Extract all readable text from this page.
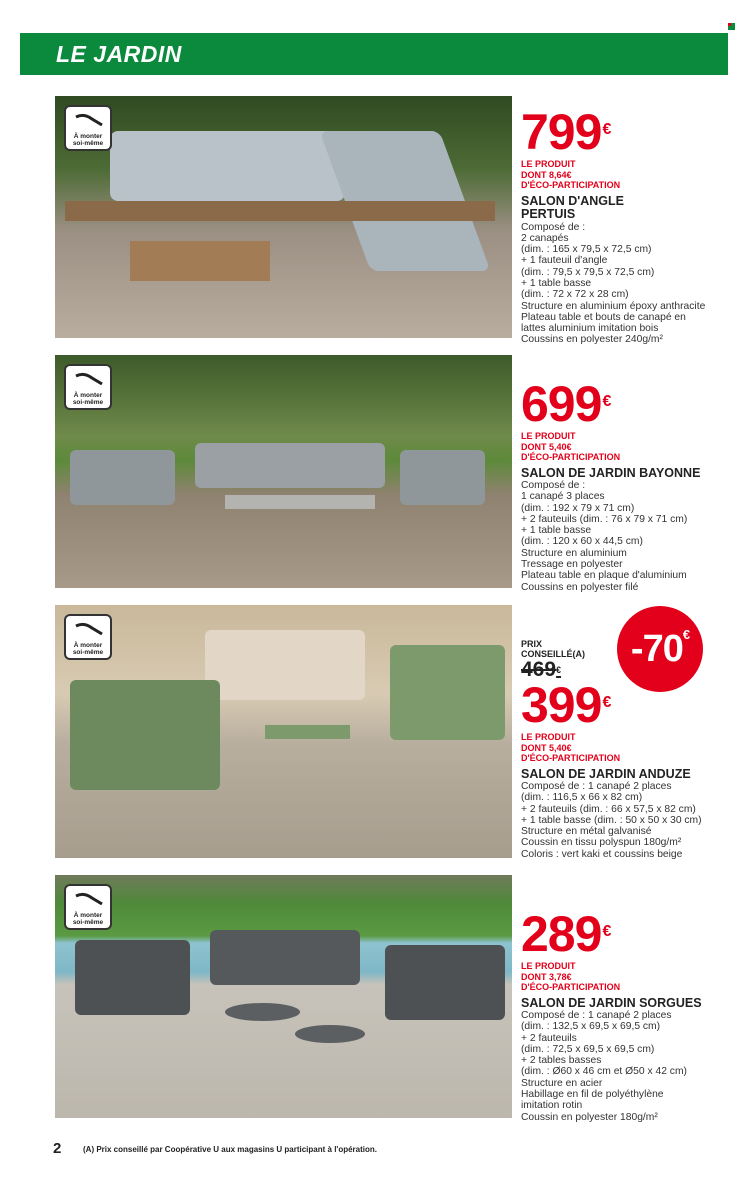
LE JARDIN
À monter
soi-même
À monter
soi-même
À monter
soi-même
À monter
soi-même
799€
LE PRODUIT
DONT 8,64€
D'ÉCO-PARTICIPATION
SALON D'ANGLE
PERTUIS
Composé de :
2 canapés
(dim. : 165 x 79,5 x 72,5 cm)
+ 1 fauteuil d'angle
(dim. : 79,5 x 79,5 x 72,5 cm)
+ 1 table basse
(dim. : 72 x 72 x 28 cm)
Structure en aluminium époxy anthracite
Plateau table et bouts de canapé en
lattes aluminium imitation bois
Coussins en polyester 240g/m²
699€
LE PRODUIT
DONT 5,40€
D'ÉCO-PARTICIPATION
SALON DE JARDIN BAYONNE
Composé de :
1 canapé 3 places
(dim. : 192 x 79 x 71 cm)
+ 2 fauteuils (dim. : 76 x 79 x 71 cm)
+ 1 table basse
(dim. : 120 x 60 x 44,5 cm)
Structure en aluminium
Tressage en polyester
Plateau table en plaque d'aluminium
Coussins en polyester filé
-70€
PRIX
CONSEILLÉ(A)
469€
399€
LE PRODUIT
DONT 5,40€
D'ÉCO-PARTICIPATION
SALON DE JARDIN ANDUZE
Composé de : 1 canapé 2 places
(dim. : 116,5 x 66 x 82 cm)
+ 2 fauteuils (dim. : 66 x 57,5 x 82 cm)
+ 1 table basse (dim. : 50 x 50 x 30 cm)
Structure en métal galvanisé
Coussin en tissu polyspun 180g/m²
Coloris : vert kaki et coussins beige
289€
LE PRODUIT
DONT 3,78€
D'ÉCO-PARTICIPATION
SALON DE JARDIN SORGUES
Composé de : 1 canapé 2 places
(dim. : 132,5 x 69,5 x 69,5 cm)
+ 2 fauteuils
(dim. : 72,5 x 69,5 x 69,5 cm)
+ 2 tables basses
(dim. : Ø60 x 46 cm et Ø50 x 42 cm)
Structure en acier
Habillage en fil de polyéthylène
imitation rotin
Coussin en polyester 180g/m²
2	(A) Prix conseillé par Coopérative U aux magasins U participant à l'opération.
